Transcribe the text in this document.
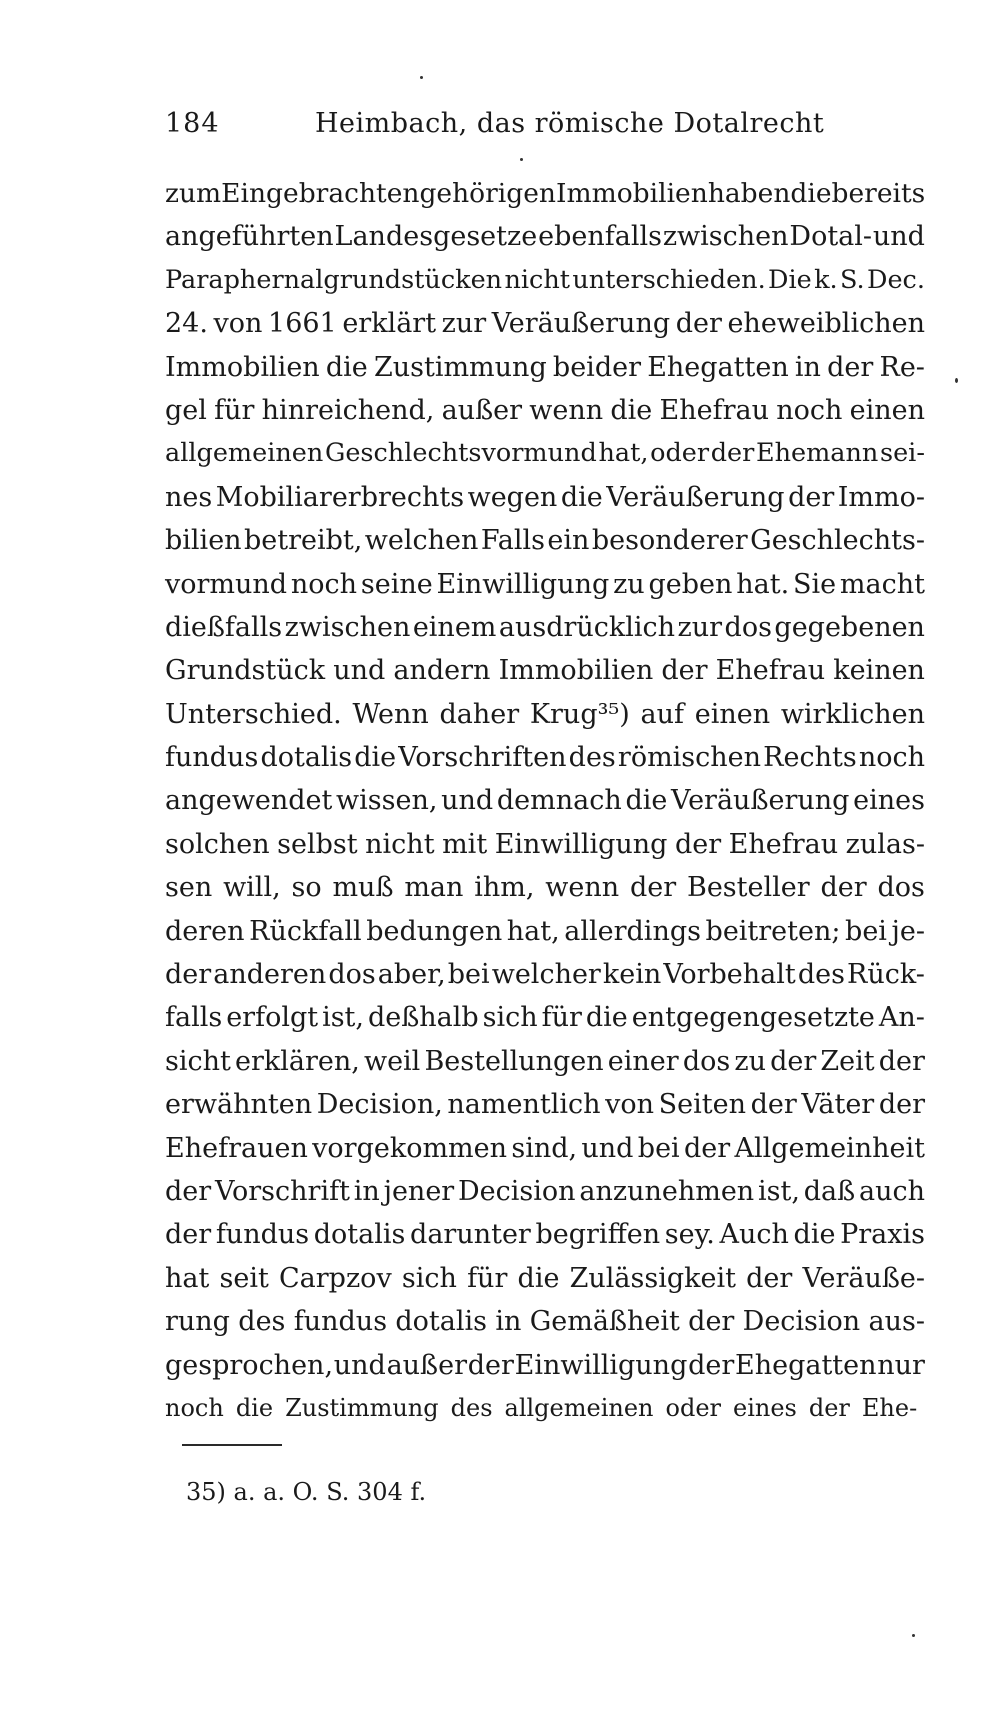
184	Heimbach, das römische Dotalrecht
zum Eingebrachten gehörigen Immobilien haben die bereits
angeführten Landesgesetze ebenfalls zwischen Dotal- und
Paraphernalgrundstücken nicht unterschieden. Die k. S. Dec.
24. von 1661 erklärt zur Veräußerung der eheweiblichen
Immobilien die Zustimmung beider Ehegatten in der Re-
gel für hinreichend, außer wenn die Ehefrau noch einen
allgemeinen Geschlechtsvormund hat, oder der Ehemann sei-
nes Mobiliarerbrechts wegen die Veräußerung der Immo-
bilien betreibt, welchen Falls ein besonderer Geschlechts-
vormund noch seine Einwilligung zu geben hat. Sie macht
dießfalls zwischen einem ausdrücklich zur dos gegebenen
Grundstück und andern Immobilien der Ehefrau keinen
Unterschied. Wenn daher Krug³⁵) auf einen wirklichen
fundus dotalis die Vorschriften des römischen Rechts noch
angewendet wissen, und demnach die Veräußerung eines
solchen selbst nicht mit Einwilligung der Ehefrau zulas-
sen will, so muß man ihm, wenn der Besteller der dos
deren Rückfall bedungen hat, allerdings beitreten; bei je-
der anderen dos aber, bei welcher kein Vorbehalt des Rück-
falls erfolgt ist, deßhalb sich für die entgegengesetzte An-
sicht erklären, weil Bestellungen einer dos zu der Zeit der
erwähnten Decision, namentlich von Seiten der Väter der
Ehefrauen vorgekommen sind, und bei der Allgemeinheit
der Vorschrift in jener Decision anzunehmen ist, daß auch
der fundus dotalis darunter begriffen sey. Auch die Praxis
hat seit Carpzov sich für die Zulässigkeit der Veräuße-
rung des fundus dotalis in Gemäßheit der Decision aus-
gesprochen, und außer der Einwilligung der Ehegatten nur
noch die Zustimmung des allgemeinen oder eines der Ehe-
35) a. a. O. S. 304 f.
